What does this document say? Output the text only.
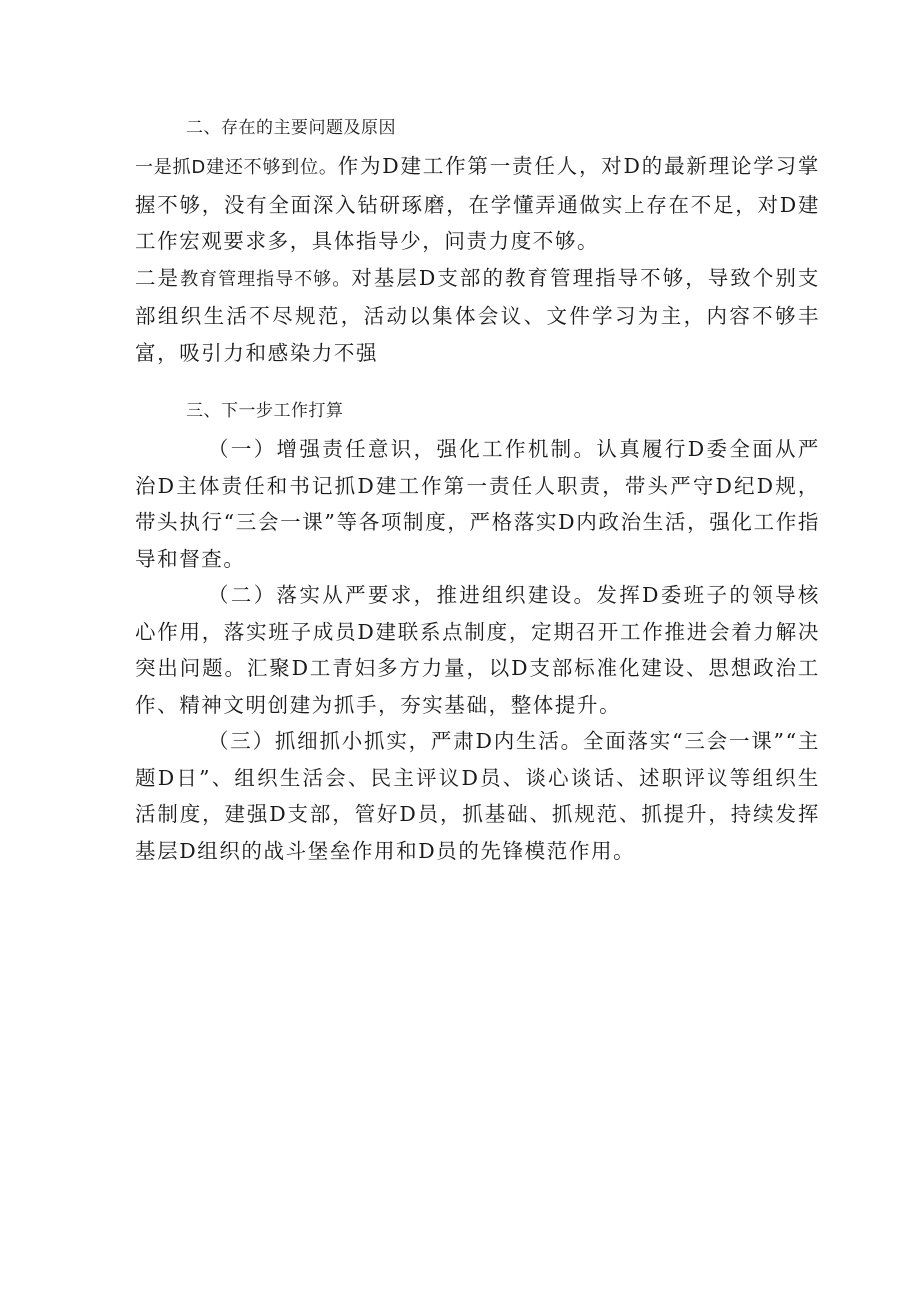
二、存在的主要问题及原因

一是抓D建还不够到位。作为D建工作第一责任人，对D的最新理论学习掌握不够，没有全面深入钻研琢磨，在学懂弄通做实上存在不足，对D建工作宏观要求多，具体指导少，问责力度不够。

二是教育管理指导不够。对基层D支部的教育管理指导不够，导致个别支部组织生活不尽规范，活动以集体会议、文件学习为主，内容不够丰富，吸引力和感染力不强

三、下一步工作打算

（一）增强责任意识，强化工作机制。认真履行D委全面从严治D主体责任和书记抓D建工作第一责任人职责，带头严守D纪D规，带头执行“三会一课”等各项制度，严格落实D内政治生活，强化工作指导和督查。

（二）落实从严要求，推进组织建设。发挥D委班子的领导核心作用，落实班子成员D建联系点制度，定期召开工作推进会着力解决突出问题。汇聚D工青妇多方力量，以D支部标准化建设、思想政治工作、精神文明创建为抓手，夯实基础，整体提升。

（三）抓细抓小抓实，严肃D内生活。全面落实“三会一课”“主题D日”、组织生活会、民主评议D员、谈心谈话、述职评议等组织生活制度，建强D支部，管好D员，抓基础、抓规范、抓提升，持续发挥基层D组织的战斗堡垒作用和D员的先锋模范作用。
